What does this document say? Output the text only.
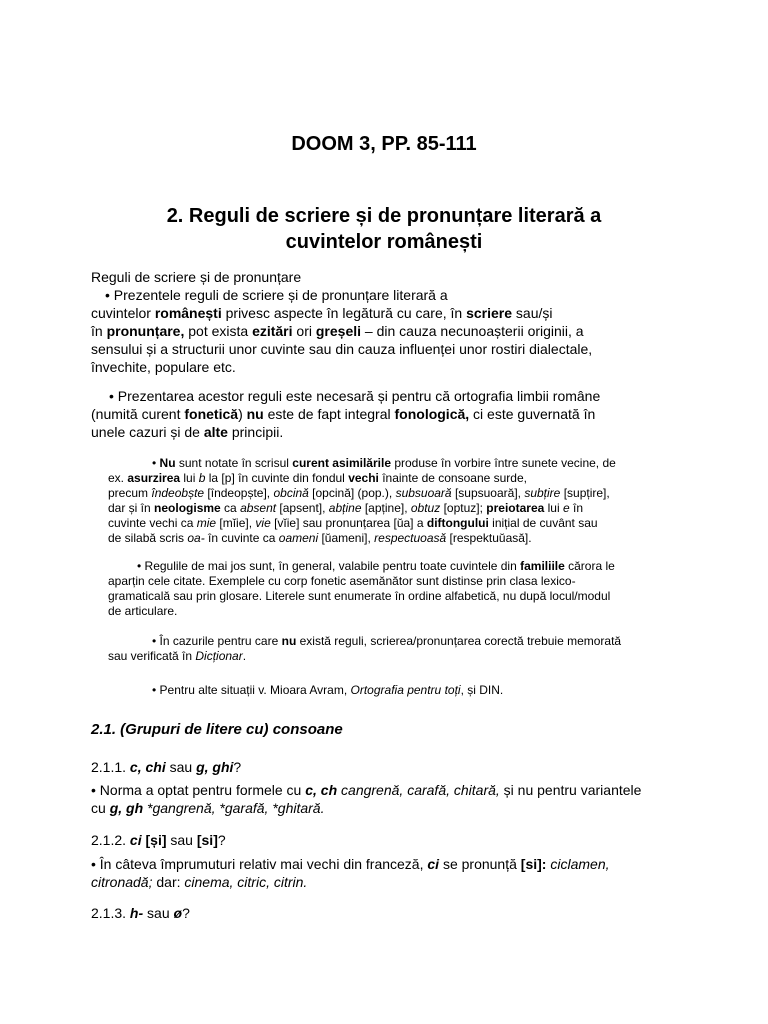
DOOM 3, PP. 85-111
2. Reguli de scriere și de pronunțare literară a
cuvintelor românești
Reguli de scriere și de pronunțare
• Prezentele reguli de scriere și de pronunțare literară a
cuvintelor românești privesc aspecte în legătură cu care, în scriere sau/și
în pronunțare, pot exista ezitări ori greșeli – din cauza necunoașterii originii, a
sensului și a structurii unor cuvinte sau din cauza influenței unor rostiri dialectale,
învechite, populare etc.
• Prezentarea acestor reguli este necesară și pentru că ortografia limbii române
(numită curent fonetică) nu este de fapt integral fonologică, ci este guvernată în
unele cazuri și de alte principii.
• Nu sunt notate în scrisul curent asimilările produse în vorbire între sunete vecine, de
ex. asurzirea lui b la [p] în cuvinte din fondul vechi înainte de consoane surde,
precum îndeobște [îndeopște], obcină [opcină] (pop.), subsuoară [supsuoară], subțire [supțire],
dar și în neologisme ca absent [apsent], abține [apține], obtuz [optuz]; preiotarea lui e în
cuvinte vechi ca mie [mĭie], vie [vĭie] sau pronunțarea [ŭa] a diftongului inițial de cuvânt sau
de silabă scris oa- în cuvinte ca oameni [ŭameni], respectuoasă [respektuŭasă].
• Regulile de mai jos sunt, în general, valabile pentru toate cuvintele din familiile cărora le
aparțin cele citate. Exemplele cu corp fonetic asemănător sunt distinse prin clasa lexico-
gramaticală sau prin glosare. Literele sunt enumerate în ordine alfabetică, nu după locul/modul
de articulare.
• În cazurile pentru care nu există reguli, scrierea/pronunțarea corectă trebuie memorată
sau verificată în Dicționar.
• Pentru alte situații v. Mioara Avram, Ortografia pentru toți, și DIN.
2.1. (Grupuri de litere cu) consoane
2.1.1. c, chi sau g, ghi?
• Norma a optat pentru formele cu c, ch cangrenă, carafă, chitară, și nu pentru variantele
cu g, gh *gangrenă, *garafă, *ghitară.
2.1.2. ci [și] sau [si]?
• În câteva împrumuturi relativ mai vechi din franceză, ci se pronunță [si]: ciclamen,
citronadă; dar: cinema, citric, citrin.
2.1.3. h- sau ø?
